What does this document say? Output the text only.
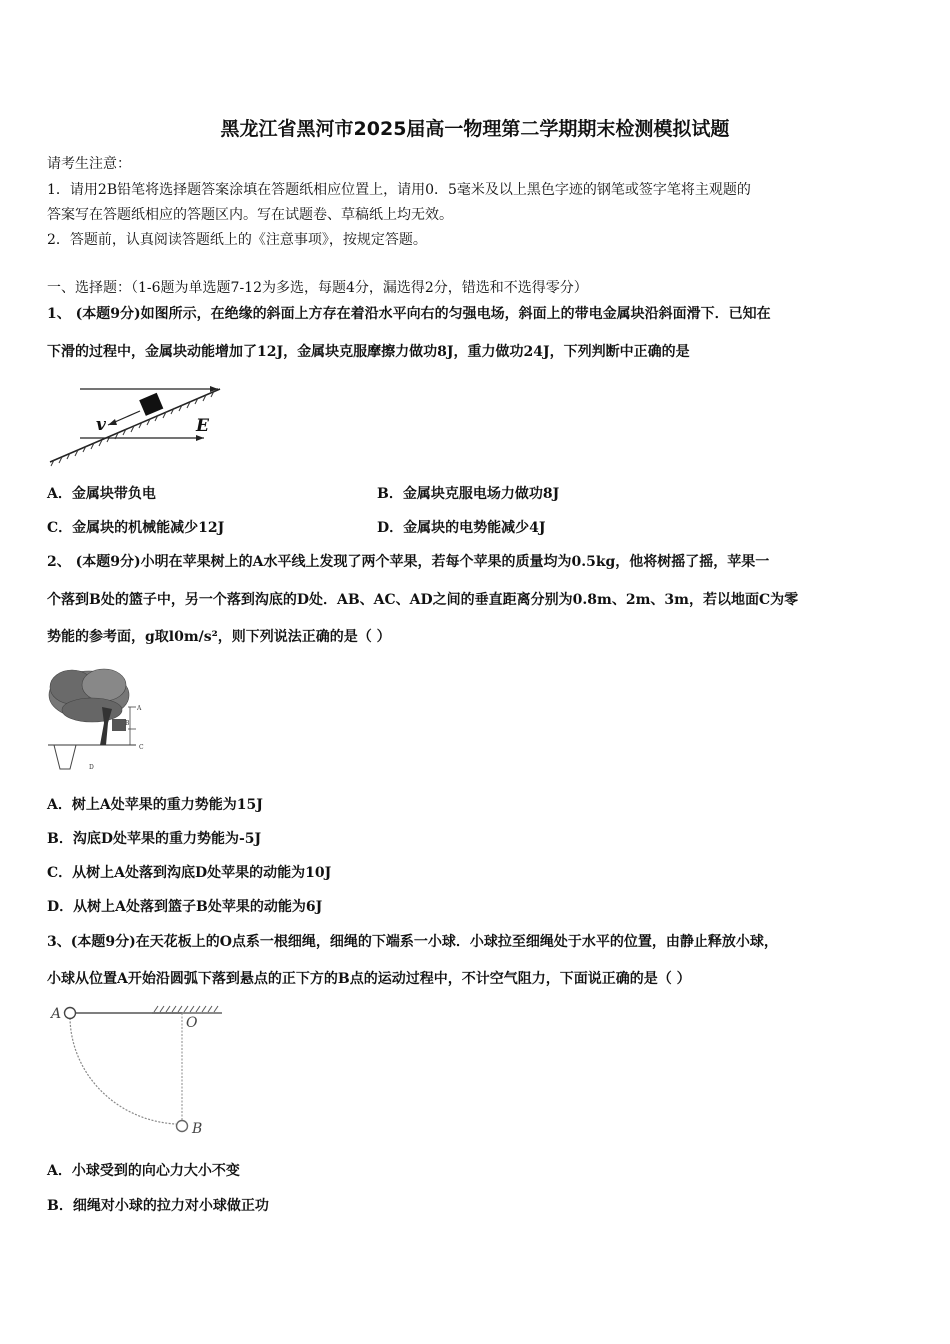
黑龙江省黑河市2025届高一物理第二学期期末检测模拟试题
请考生注意：
1．请用2B铅笔将选择题答案涂填在答题纸相应位置上，请用0．5毫米及以上黑色字迹的钢笔或签字笔将主观题的
答案写在答题纸相应的答题区内。写在试题卷、草稿纸上均无效。
2．答题前，认真阅读答题纸上的《注意事项》，按规定答题。
一、选择题：（1-6题为单选题7-12为多选，每题4分，漏选得2分，错选和不选得零分）
1、 (本题9分)如图所示，在绝缘的斜面上方存在着沿水平向右的匀强电场，斜面上的带电金属块沿斜面滑下．已知在
下滑的过程中，金属块动能增加了12J，金属块克服摩擦力做功8J，重力做功24J，下列判断中正确的是
v	E
A．金属块带负电	B．金属块克服电场力做功8J
C．金属块的机械能减少12J	D．金属块的电势能减少4J
2、 (本题9分)小明在苹果树上的A水平线上发现了两个苹果，若每个苹果的质量均为0.5kg，他将树摇了摇，苹果一
个落到B处的篮子中，另一个落到沟底的D处．AB、AC、AD之间的垂直距离分别为0.8m、2m、3m，若以地面C为零
势能的参考面，g取l0m/s²，则下列说法正确的是（ ）
A
B
C
D
A．树上A处苹果的重力势能为15J
B．沟底D处苹果的重力势能为-5J
C．从树上A处落到沟底D处苹果的动能为10J
D．从树上A处落到篮子B处苹果的动能为6J
3、(本题9分)在天花板上的O点系一根细绳，细绳的下端系一小球．小球拉至细绳处于水平的位置，由静止释放小球，
小球从位置A开始沿圆弧下落到悬点的正下方的B点的运动过程中，不计空气阻力，下面说正确的是（ ）
A
O
B
A．小球受到的向心力大小不变
B．细绳对小球的拉力对小球做正功
